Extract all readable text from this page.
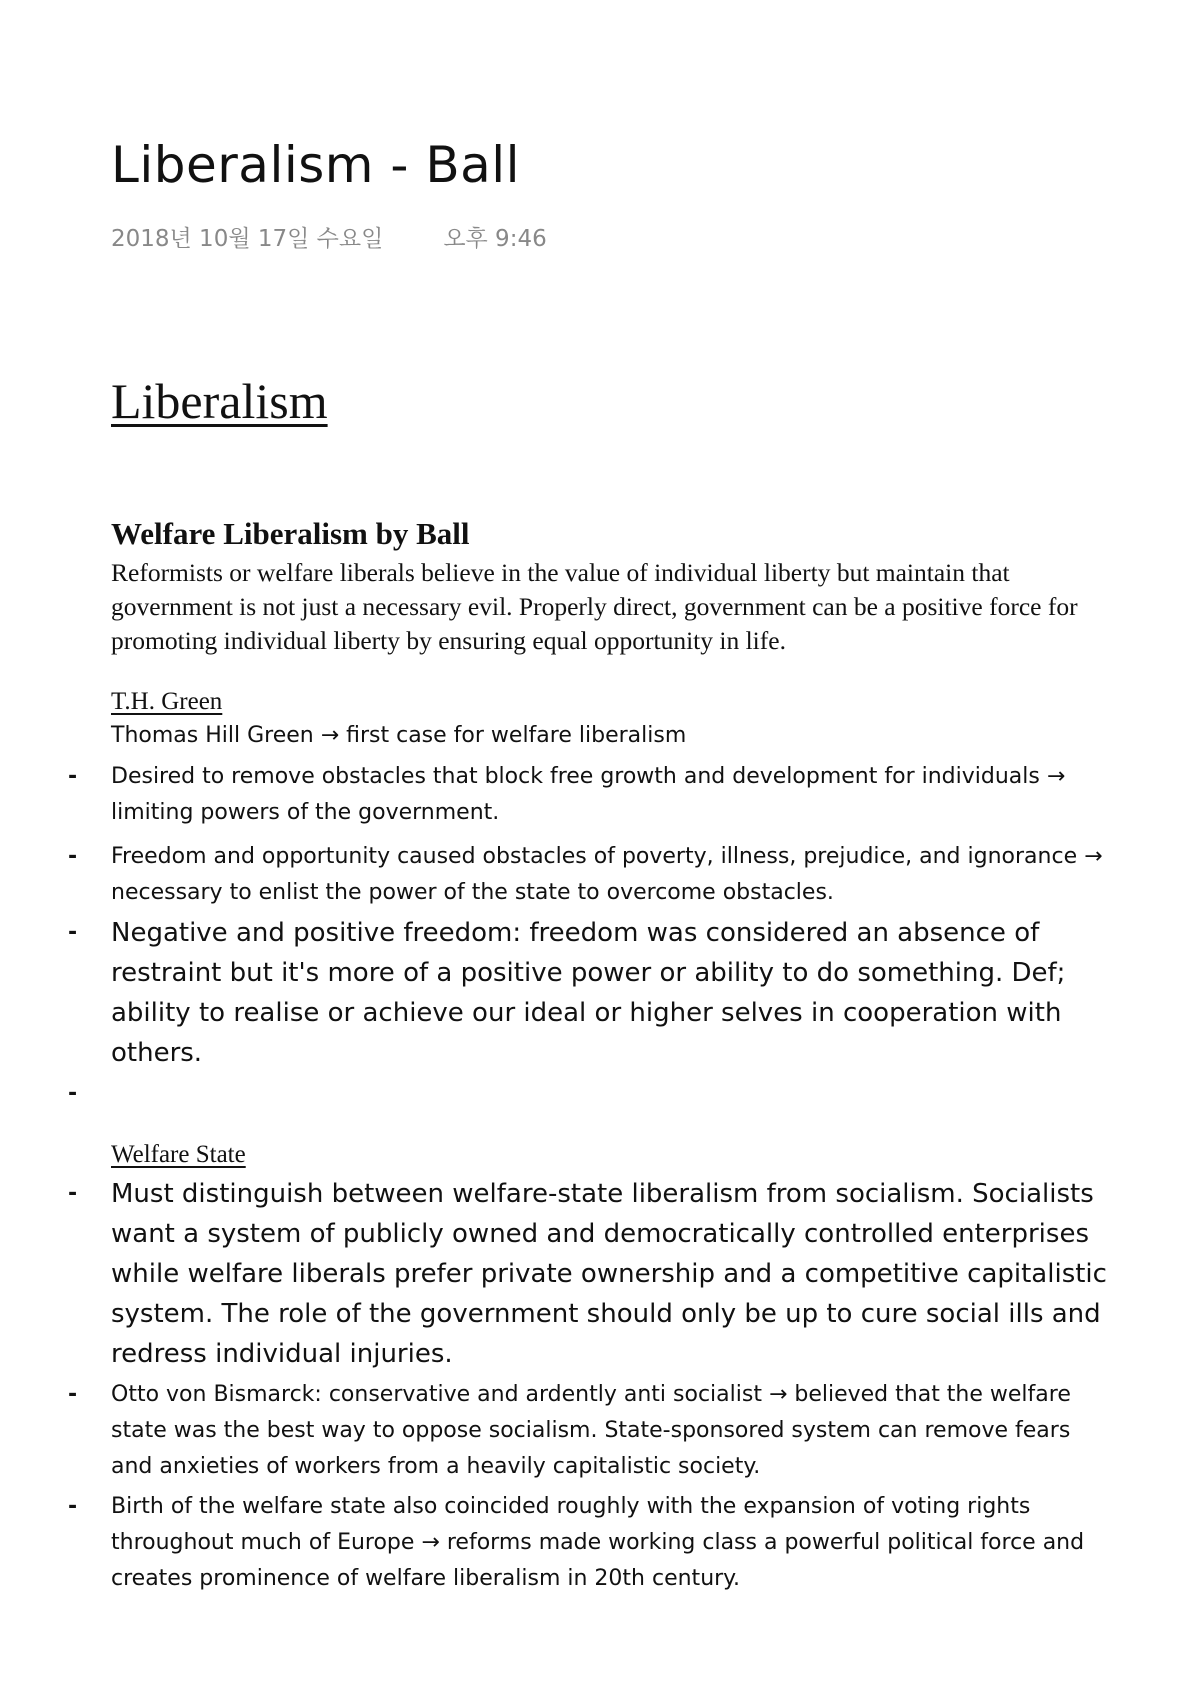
Liberalism - Ball
2018년 10월 17일 수요일	오후 9:46
Liberalism
Welfare Liberalism by Ball

Reformists or welfare liberals believe in the value of individual liberty but maintain that government is not just a necessary evil. Properly direct, government can be a positive force for promoting individual liberty by ensuring equal opportunity in life.

T.H. Green
Thomas Hill Green → first case for welfare liberalism
-	Desired to remove obstacles that block free growth and development for individuals → limiting powers of the government.
-	Freedom and opportunity caused obstacles of poverty, illness, prejudice, and ignorance → necessary to enlist the power of the state to overcome obstacles.
-	Negative and positive freedom: freedom was considered an absence of restraint but it's more of a positive power or ability to do something. Def; ability to realise or achieve our ideal or higher selves in cooperation with others.
-
Welfare State
-	Must distinguish between welfare-state liberalism from socialism. Socialists want a system of publicly owned and democratically controlled enterprises while welfare liberals prefer private ownership and a competitive capitalistic system. The role of the government should only be up to cure social ills and redress individual injuries.
-	Otto von Bismarck: conservative and ardently anti socialist → believed that the welfare state was the best way to oppose socialism. State-sponsored system can remove fears and anxieties of workers from a heavily capitalistic society.
-	Birth of the welfare state also coincided roughly with the expansion of voting rights throughout much of Europe → reforms made working class a powerful political force and creates prominence of welfare liberalism in 20th century.
